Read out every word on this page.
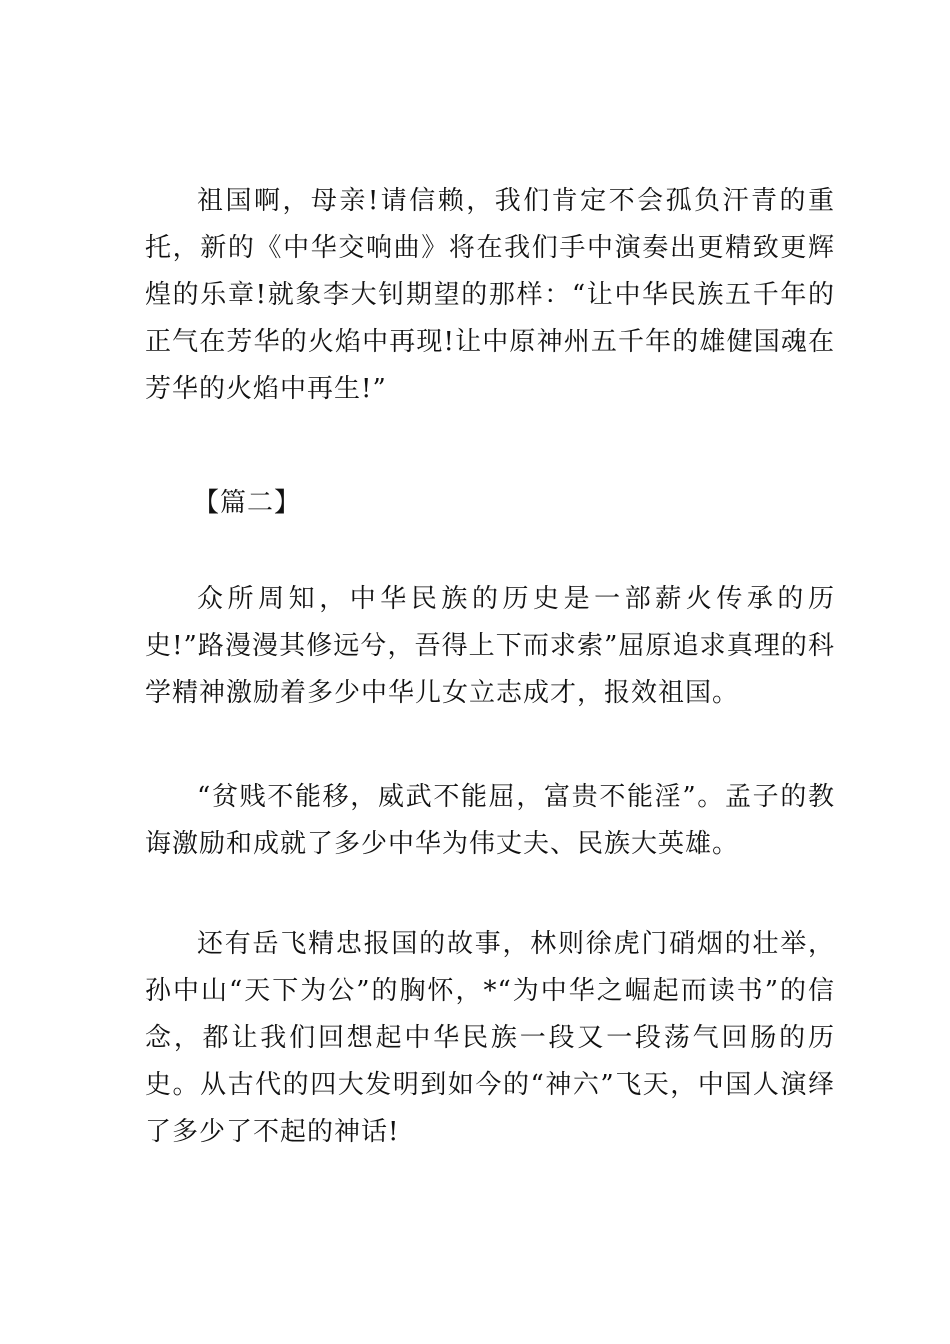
祖国啊，母亲!请信赖，我们肯定不会孤负汗青的重托，新的《中华交响曲》将在我们手中演奏出更精致更辉煌的乐章!就象李大钊期望的那样：“让中华民族五千年的正气在芳华的火焰中再现!让中原神州五千年的雄健国魂在芳华的火焰中再生!”

【篇二】

众所周知，中华民族的历史是一部薪火传承的历史!”路漫漫其修远兮，吾得上下而求索”屈原追求真理的科学精神激励着多少中华儿女立志成才，报效祖国。

“贫贱不能移，威武不能屈，富贵不能淫”。孟子的教诲激励和成就了多少中华为伟丈夫、民族大英雄。

还有岳飞精忠报国的故事，林则徐虎门硝烟的壮举，孙中山“天下为公”的胸怀，*“为中华之崛起而读书”的信念，都让我们回想起中华民族一段又一段荡气回肠的历史。从古代的四大发明到如今的“神六”飞天，中国人演绎了多少了不起的神话!
